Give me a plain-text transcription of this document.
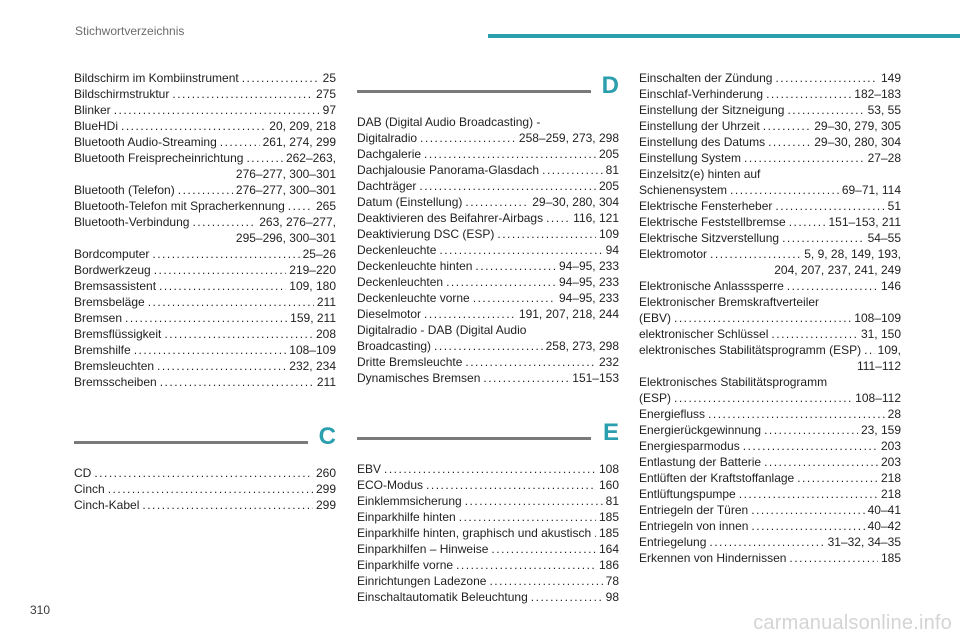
Stichwortverzeichnis
Bildschirm im Kombiinstrument .....	25
Bildschirmstruktur .....	275
Blinker .....	97
BlueHDi .....	20, 209, 218
Bluetooth Audio-Streaming .....	261, 274, 299
Bluetooth Freisprecheinrichtung .....	262–263,
276–277, 300–301
Bluetooth (Telefon) .....	276–277, 300–301
Bluetooth-Telefon mit Spracherkennung .....	265
Bluetooth-Verbindung .....	263, 276–277,
295–296, 300–301
Bordcomputer .....	25–26
Bordwerkzeug .....	219–220
Bremsassistent .....	109, 180
Bremsbeläge .....	211
Bremsen .....	159, 211
Bremsflüssigkeit .....	208
Bremshilfe .....	108–109
Bremsleuchten .....	232, 234
Bremsscheiben .....	211
C
CD .....	260
Cinch .....	299
Cinch-Kabel .....	299
D
DAB (Digital Audio Broadcasting) -
Digitalradio .....	258–259, 273, 298
Dachgalerie .....	205
Dachjalousie Panorama-Glasdach .....	81
Dachträger .....	205
Datum (Einstellung) .....	29–30, 280, 304
Deaktivieren des Beifahrer-Airbags .....	116, 121
Deaktivierung DSC (ESP) .....	109
Deckenleuchte .....	94
Deckenleuchte hinten .....	94–95, 233
Deckenleuchten .....	94–95, 233
Deckenleuchte vorne .....	94–95, 233
Dieselmotor .....	191, 207, 218, 244
Digitalradio - DAB (Digital Audio
Broadcasting) .....	258, 273, 298
Dritte Bremsleuchte .....	232
Dynamisches Bremsen .....	151–153
E
EBV .....	108
ECO-Modus .....	160
Einklemmsicherung .....	81
Einparkhilfe hinten .....	185
Einparkhilfe hinten, graphisch und akustisch ..... 185
Einparkhilfen – Hinweise .....	164
Einparkhilfe vorne .....	186
Einrichtungen Ladezone .....	78
Einschaltautomatik Beleuchtung .....	98
Einschalten der Zündung .....	149
Einschlaf-Verhinderung .....	182–183
Einstellung der Sitzneigung .....	53, 55
Einstellung der Uhrzeit .....	29–30, 279, 305
Einstellung des Datums .....	29–30, 280, 304
Einstellung System .....	27–28
Einzelsitz(e) hinten auf
Schienensystem .....	69–71, 114
Elektrische Fensterheber .....	51
Elektrische Feststellbremse .....	151–153, 211
Elektrische Sitzverstellung .....	54–55
Elektromotor .....	5, 9, 28, 149, 193,
204, 207, 237, 241, 249
Elektronische Anlasssperre .....	146
Elektronischer Bremskraftverteiler
(EBV) .....	108–109
elektronischer Schlüssel .....	31, 150
elektronisches Stabilitätsprogramm (ESP) ..... 109,
111–112
Elektronisches Stabilitätsprogramm
(ESP) .....	108–112
Energiefluss .....	28
Energierückgewinnung .....	23, 159
Energiesparmodus .....	203
Entlastung der Batterie .....	203
Entlüften der Kraftstoffanlage .....	218
Entlüftungspumpe .....	218
Entriegeln der Türen .....	40–41
Entriegeln von innen .....	40–42
Entriegelung .....	31–32, 34–35
Erkennen von Hindernissen .....	185
310
carmanualsonline.info
